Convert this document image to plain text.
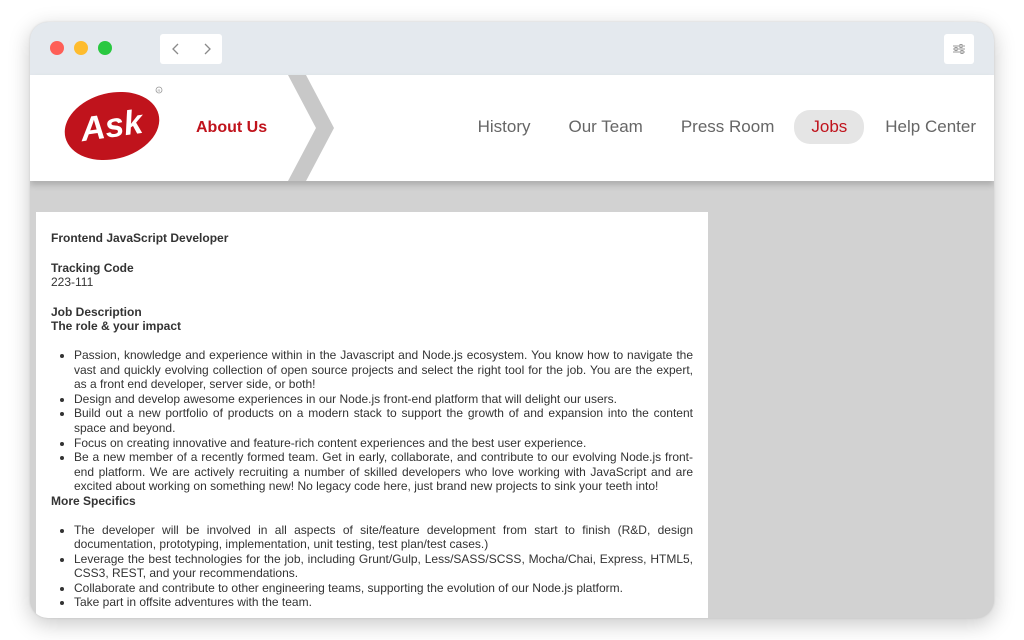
Ask
R
About Us	History Our Team Press Room	Jobs	Help Center

Frontend JavaScript Developer

Tracking Code

223-111

Job Description

The role & your impact

• Passion, knowledge and experience within in the Javascript and Node.js ecosystem. You know how to navigate the vast and quickly evolving collection of open source projects and select the right tool for the job. You are the expert, as a front end developer, server side, or both!
• Design and develop awesome experiences in our Node.js front-end platform that will delight our users.
• Build out a new portfolio of products on a modern stack to support the growth of and expansion into the content space and beyond.
• Focus on creating innovative and feature-rich content experiences and the best user experience.
• Be a new member of a recently formed team. Get in early, collaborate, and contribute to our evolving Node.js front-end platform. We are actively recruiting a number of skilled developers who love working with JavaScript and are excited about working on something new! No legacy code here, just brand new projects to sink your teeth into!

More Specifics

• The developer will be involved in all aspects of site/feature development from start to finish (R&D, design documentation, prototyping, implementation, unit testing, test plan/test cases.)
• Leverage the best technologies for the job, including Grunt/Gulp, Less/SASS/SCSS, Mocha/Chai, Express, HTML5, CSS3, REST, and your recommendations.
• Collaborate and contribute to other engineering teams, supporting the evolution of our Node.js platform.
• Take part in offsite adventures with the team.
